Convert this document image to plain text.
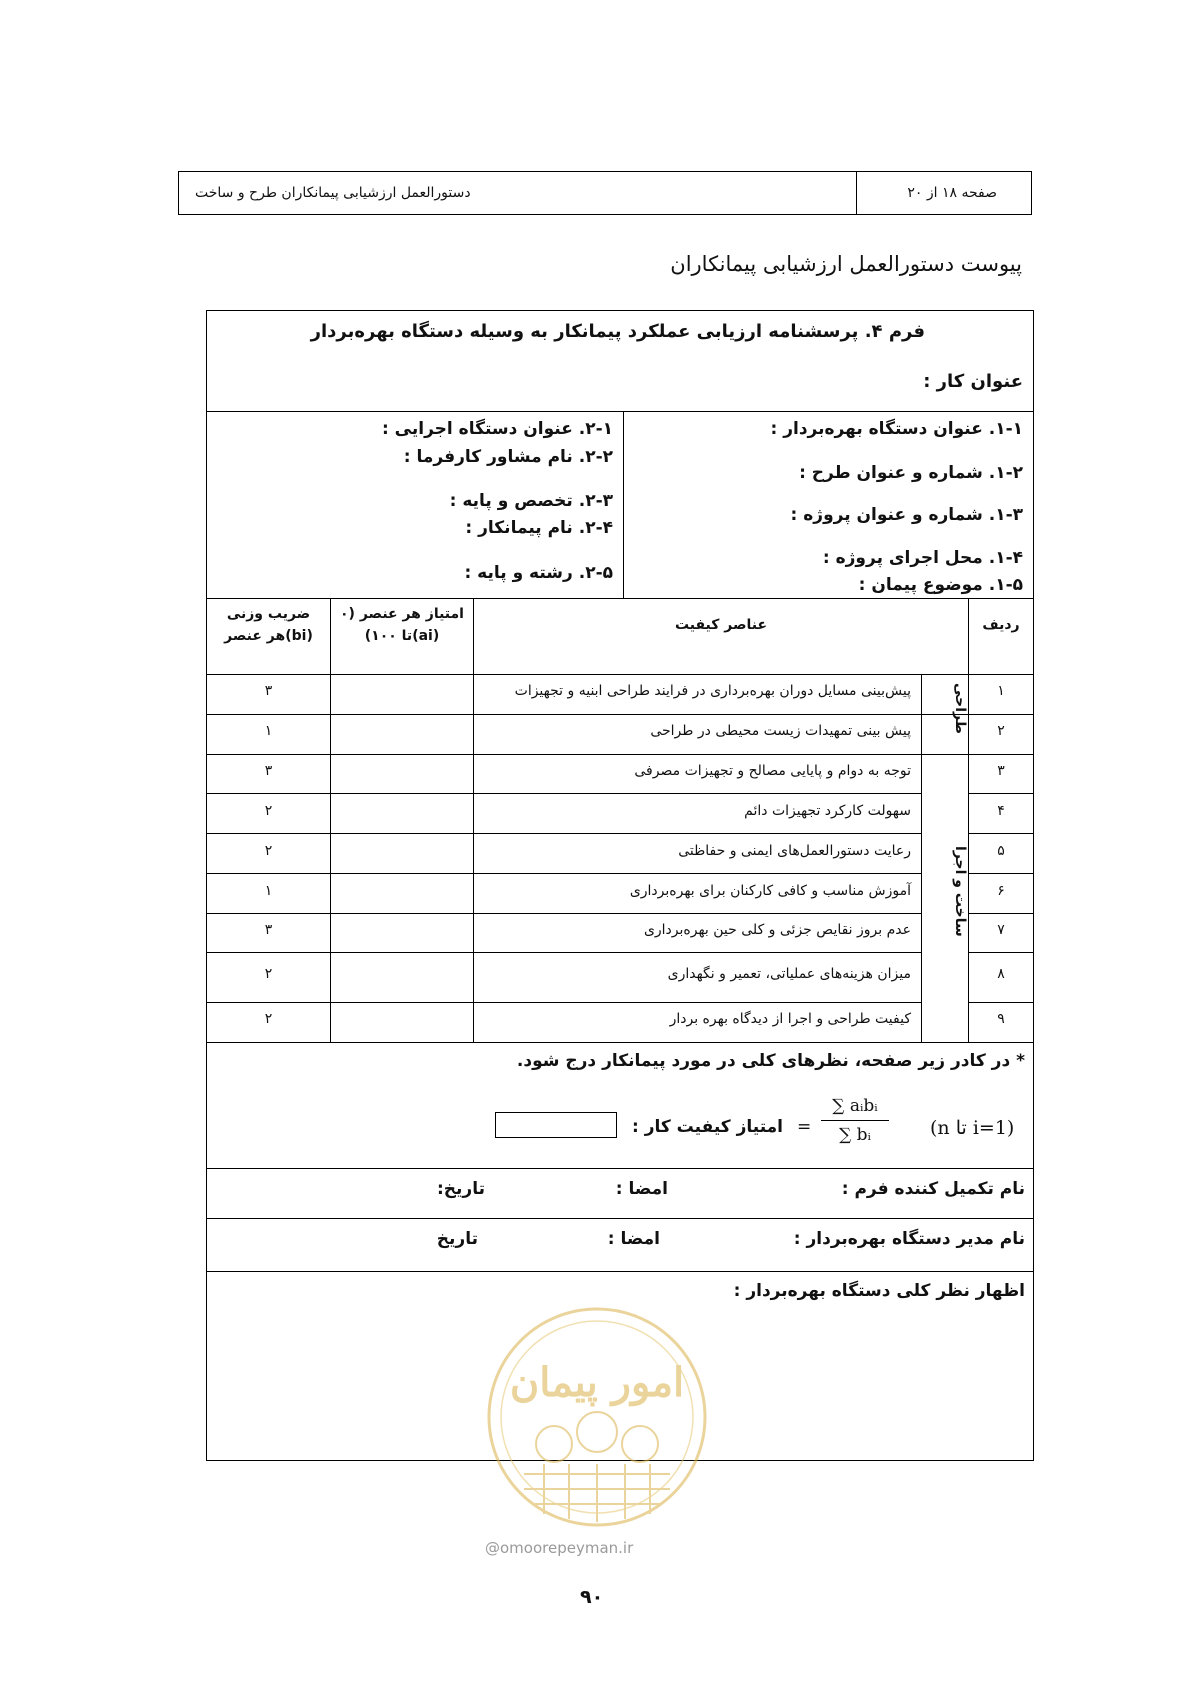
صفحه ۱۸ از ۲۰
دستورالعمل ارزشیابی پیمانکاران طرح و ساخت
پیوست دستورالعمل ارزشیابی پیمانکاران
فرم ۴. پرسشنامه ارزیابی عملکرد پیمانکار به وسیله دستگاه بهره‌بردار
عنوان کار :
۱-۱. عنوان دستگاه بهره‌بردار :
۱-۲. شماره و عنوان طرح :
۱-۳. شماره و عنوان پروژه :
۱-۴. محل اجرای پروژه :
۱-۵. موضوع پیمان :
۲-۱. عنوان دستگاه اجرایی :
۲-۲. نام مشاور کارفرما :
۲-۳. تخصص و پایه :
۲-۴. نام پیمانکار :
۲-۵. رشته و پایه :
ردیف
عناصر کیفیت
امتیاز هر عنصر (۰
(ai)تا ۱۰۰)
ضریب وزنی
(bi)هر عنصر
طراحی
ساخت و اجرا
۱
پیش‌بینی مسایل دوران بهره‌برداری در فرایند طراحی ابنیه و تجهیزات
۳
۲
پیش بینی تمهیدات زیست محیطی در طراحی
۱
۳
توجه به دوام و پایایی مصالح و تجهیزات مصرفی
۳
۴
سهولت کارکرد تجهیزات دائم
۲
۵
رعایت دستورالعمل‌های ایمنی و حفاظتی
۲
۶
آموزش مناسب و کافی کارکنان برای بهره‌برداری
۱
۷
عدم بروز نقایص جزئی و کلی حین بهره‌برداری
۳
۸
میزان هزینه‌های عملیاتی، تعمیر و نگهداری
۲
۹
کیفیت طراحی و اجرا از دیدگاه بهره بردار
۲
* در کادر زیر صفحه، نظرهای کلی در مورد پیمانکار درج شود.
(i=1 تا n)
∑ aᵢbᵢ
∑ bᵢ
=
امتیاز کیفیت کار :
نام تکمیل کننده فرم :
امضا :
تاریخ:
نام مدیر دستگاه بهره‌بردار :
امضا :
تاریخ
اظهار نظر کلی دستگاه بهره‌بردار :
امور پیمان
@omoorepeyman.ir
۹۰
